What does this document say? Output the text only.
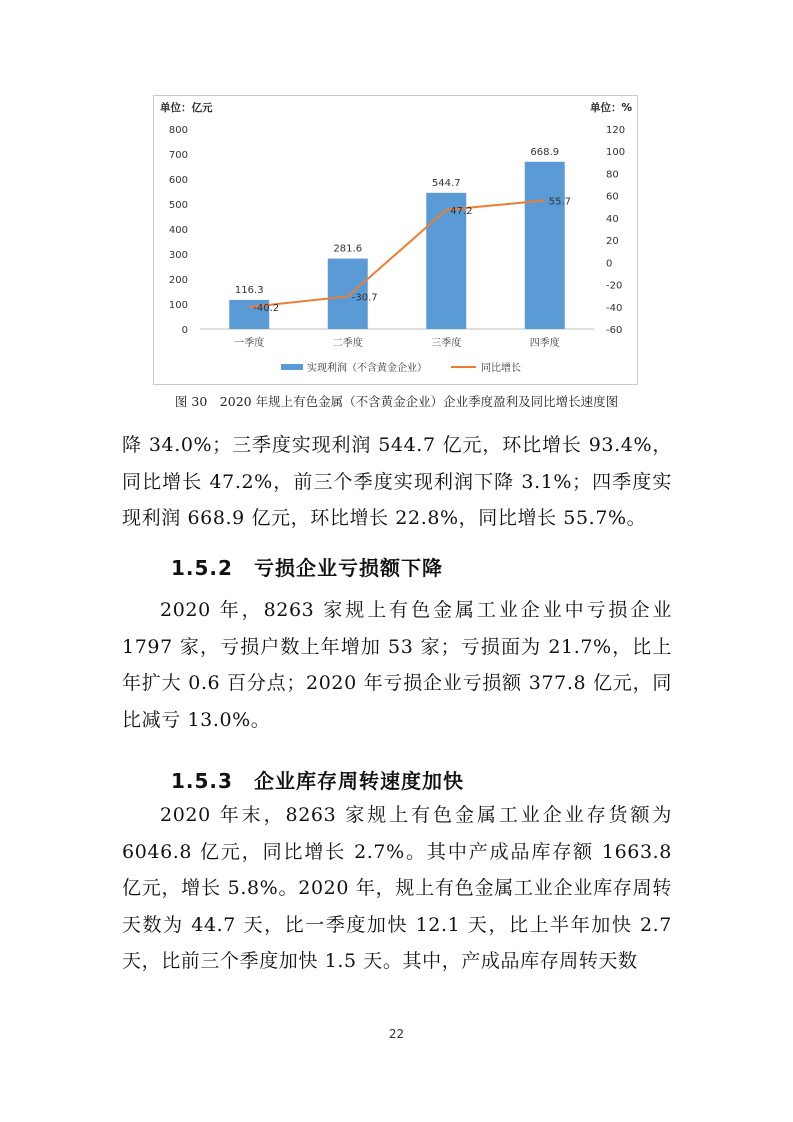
单位：亿元	单位：%
0
100
200
300
400
500
600
700
800
-60
-40
-20
0
20
40
60
80
100
120
116.3
281.6
544.7
668.9
一季度	二季度	三季度	四季度
-40.2
-30.7
47.2
55.7
实现利润（不含黄金企业）	同比增长
图 30　2020 年规上有色金属（不含黄金企业）企业季度盈利及同比增长速度图

降 34.0%；三季度实现利润 544.7 亿元，环比增长 93.4%，同比增长 47.2%，前三个季度实现利润下降 3.1%；四季度实现利润 668.9 亿元，环比增长 22.8%，同比增长 55.7%。

1.5.2　亏损企业亏损额下降

2020 年，8263 家规上有色金属工业企业中亏损企业1797 家，亏损户数上年增加 53 家；亏损面为 21.7%，比上年扩大 0.6 百分点；2020 年亏损企业亏损额 377.8 亿元，同比减亏 13.0%。

1.5.3　企业库存周转速度加快

2020 年末，8263 家规上有色金属工业企业存货额为6046.8 亿元，同比增长 2.7%。其中产成品库存额 1663.8 亿元，增长 5.8%。2020 年，规上有色金属工业企业库存周转天数为 44.7 天，比一季度加快 12.1 天，比上半年加快 2.7天，比前三个季度加快 1.5 天。其中，产成品库存周转天数

22
